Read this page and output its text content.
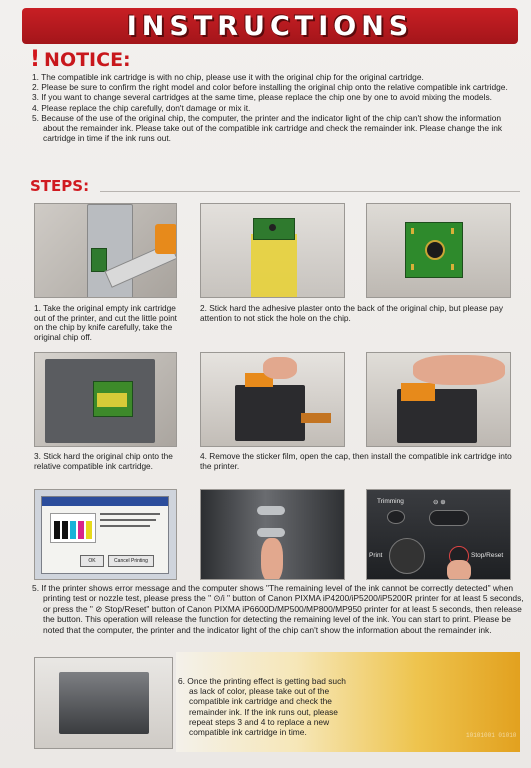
INSTRUCTIONS
! NOTICE:
1. The compatible ink cartridge is with no chip, please use it with the original chip for the original cartridge.
2. Please be sure to confirm the right model and color before installing the original chip onto the relative compatible ink cartridge.
3. If you want to change several cartridges at the same time, please replace the chip one by one to avoid mixing the models.
4. Please replace the chip carefully, don't damage or mix it.
5. Because of the use of the original chip, the computer, the printer and the indicator light of the chip can't show the information about the remainder ink. Please take out of the compatible ink cartridge and check the remainder ink. Please change the ink cartridge in time if the ink runs out.
STEPS:
1. Take the original empty ink cartridge out of the printer, and cut the little point on the chip by knife carefully, take the original chip off.
2. Stick hard the adhesive plaster onto the back of the original chip, but please pay attention to not stick the hole on the chip.
3. Stick hard the original chip onto the relative compatible ink cartridge.
4. Remove the sticker film, open the cap, then install the compatible ink cartridge into the printer.
OK	Cancel Printing
Trimming	⊖ ⊕
Print	Stop/Reset
5. If the printer shows error message and the computer shows "The remaining level of the ink cannot be correctly detected" when printing test or nozzle test, please press the " ⊙/i " button of Canon PIXMA iP4200/iP5200/iP5200R printer for at least 5 seconds, or press the " ⊘ Stop/Reset" button of Canon PIXMA iP6600D/MP500/MP800/MP950 printer for at least 5 seconds, then release the button. This operation will release the function for detecting the remaining level of the ink. You can start to print. Please be noted that the computer, the printer and the indicator light of the chip can't show the information about the remainder ink.
10101001 01010
6. Once the printing effect is getting bad such as lack of color, please take out of the compatible ink cartridge and check the remainder ink. If the ink runs out, please repeat steps 3 and 4 to replace a new compatible ink cartridge in time.
